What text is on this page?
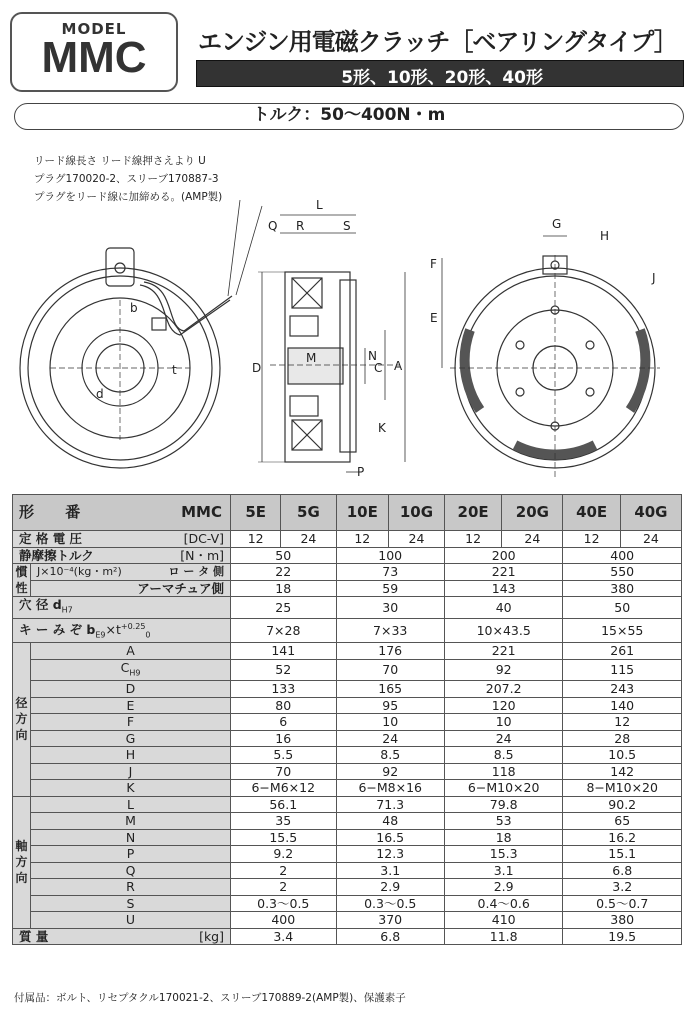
MODEL
MMC	エンジン用電磁クラッチ［ベアリングタイプ］
5形、10形、20形、40形
トルク：50〜400N・m
リード線長さ リード線押さえより U
プラグ170020-2、スリーブ170887-3
プラグをリード線に加締める。(AMP製)
b
d
t
L
Q R	S
M	N
C A
D
K
P
G
H
F
E
J
形 番 MMC		5E	5G	10E	10G	20E	20G	40E	40G
定 格 電 圧 [DC-V]		12	24	12	24	12	24	12	24
静摩擦トルク [N・m]		50		100		200		400	
慣性	J×10⁻⁴(kg・m²) ロ ー タ 側	22		73		221		550	
	アーマチュア側	18		59		143		380	
穴 径 $d_{H7}$		25		30		40		50	
キ ー み ぞ $b_{E9}\times t^{+0.25}_0$		7×28		7×33		10×43.5		15×55	
径方向	A	141		176		221		261	
	$C_{H9}$	52		70		92		115	
	D	133		165		207.2		243	
	E	80		95		120		140	
	F	6		10		10		12	
	G	16		24		24		28	
	H	5.5		8.5		8.5		10.5	
	J	70		92		118		142	
	K	6−M6×12		6−M8×16		6−M10×20		8−M10×20	
軸方向	L	56.1		71.3		79.8		90.2	
	M	35		48		53		65	
	N	15.5		16.5		18		16.2	
	P	9.2		12.3		15.3		15.1	
	Q	2		3.1		3.1		6.8	
	R	2		2.9		2.9		3.2	
	S	0.3〜0.5		0.3〜0.5		0.4〜0.6		0.5〜0.7	
	U	400		370		410		380	
質 量 [kg]		3.4		6.8		11.8		19.5	
付属品：ボルト、リセプタクル170021-2、スリーブ170889-2(AMP製)、保護素子
